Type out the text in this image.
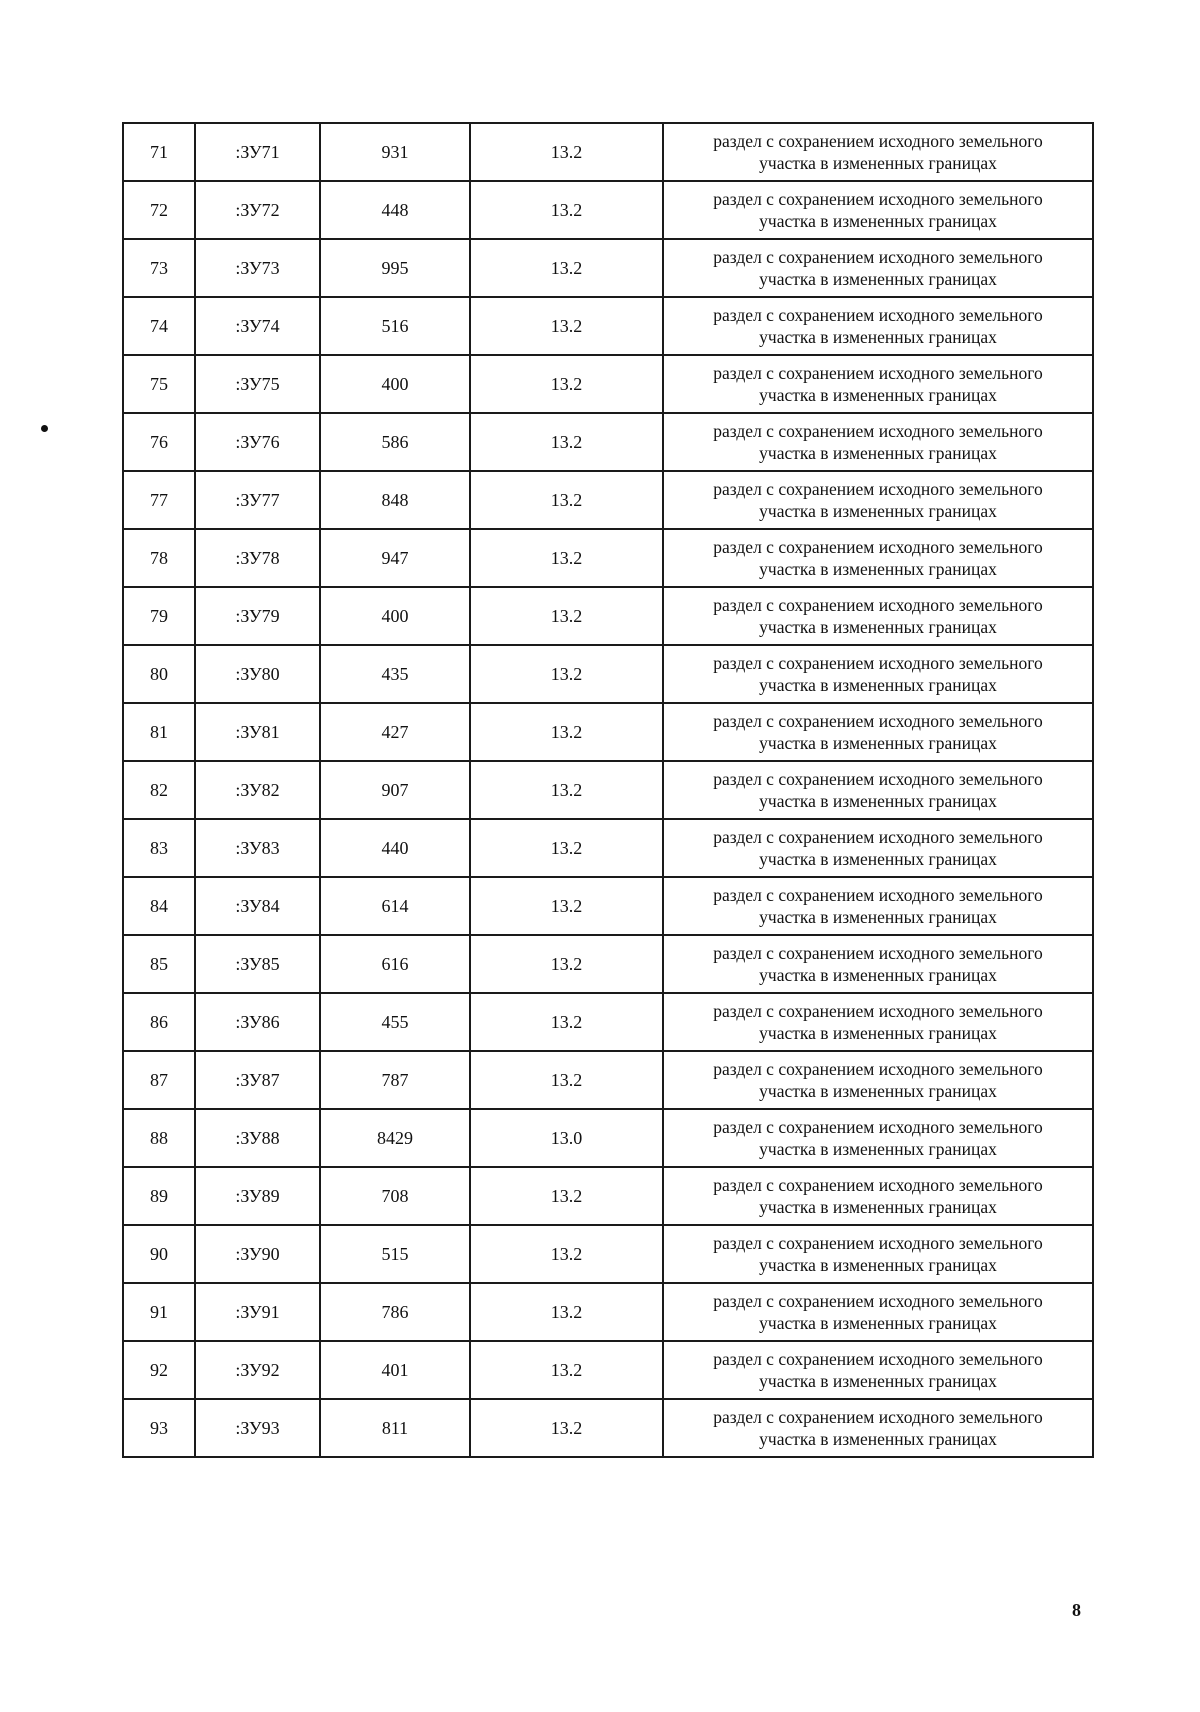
71	:ЗУ71	931	13.2	раздел с сохранением исходного земельного
участка в измененных границах

72	:ЗУ72	448	13.2	раздел с сохранением исходного земельного
участка в измененных границах

73	:ЗУ73	995	13.2	раздел с сохранением исходного земельного
участка в измененных границах

74	:ЗУ74	516	13.2	раздел с сохранением исходного земельного
участка в измененных границах

75	:ЗУ75	400	13.2	раздел с сохранением исходного земельного
участка в измененных границах

76	:ЗУ76	586	13.2	раздел с сохранением исходного земельного
участка в измененных границах

77	:ЗУ77	848	13.2	раздел с сохранением исходного земельного
участка в измененных границах

78	:ЗУ78	947	13.2	раздел с сохранением исходного земельного
участка в измененных границах

79	:ЗУ79	400	13.2	раздел с сохранением исходного земельного
участка в измененных границах

80	:ЗУ80	435	13.2	раздел с сохранением исходного земельного
участка в измененных границах

81	:ЗУ81	427	13.2	раздел с сохранением исходного земельного
участка в измененных границах

82	:ЗУ82	907	13.2	раздел с сохранением исходного земельного
участка в измененных границах

83	:ЗУ83	440	13.2	раздел с сохранением исходного земельного
участка в измененных границах

84	:ЗУ84	614	13.2	раздел с сохранением исходного земельного
участка в измененных границах

85	:ЗУ85	616	13.2	раздел с сохранением исходного земельного
участка в измененных границах

86	:ЗУ86	455	13.2	раздел с сохранением исходного земельного
участка в измененных границах

87	:ЗУ87	787	13.2	раздел с сохранением исходного земельного
участка в измененных границах

88	:ЗУ88	8429	13.0	раздел с сохранением исходного земельного
участка в измененных границах

89	:ЗУ89	708	13.2	раздел с сохранением исходного земельного
участка в измененных границах

90	:ЗУ90	515	13.2	раздел с сохранением исходного земельного
участка в измененных границах

91	:ЗУ91	786	13.2	раздел с сохранением исходного земельного
участка в измененных границах

92	:ЗУ92	401	13.2	раздел с сохранением исходного земельного
участка в измененных границах

93	:ЗУ93	811	13.2	раздел с сохранением исходного земельного
участка в измененных границах
8
